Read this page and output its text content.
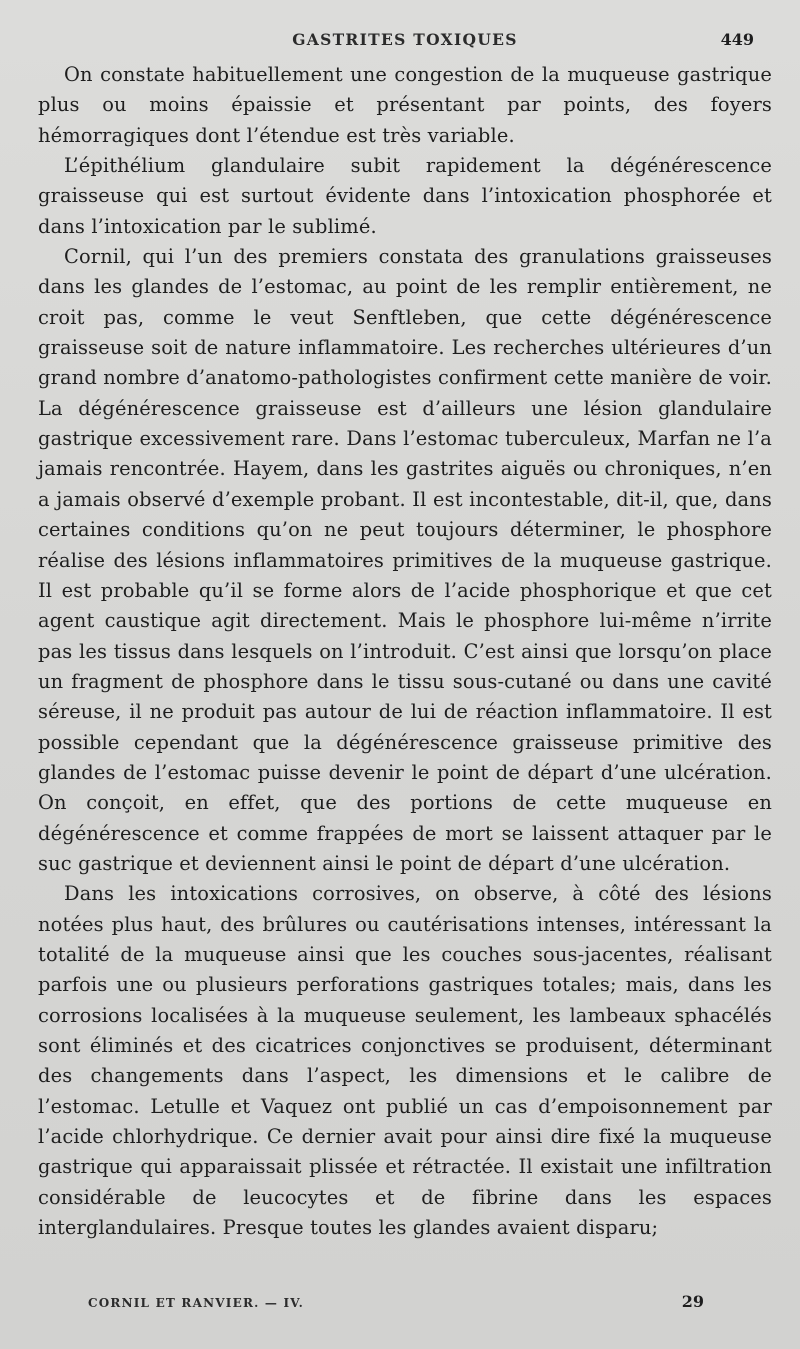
GASTRITES TOXIQUES	449

On constate habituellement une congestion de la muqueuse gastrique plus ou moins épaissie et présentant par points, des foyers hémorragiques dont l’étendue est très variable.

L’épithélium glandulaire subit rapidement la dégénérescence graisseuse qui est surtout évidente dans l’intoxication phosphorée et dans l’intoxication par le sublimé.

Cornil, qui l’un des premiers constata des granulations graisseuses dans les glandes de l’estomac, au point de les remplir entièrement, ne croit pas, comme le veut Senftleben, que cette dégénérescence graisseuse soit de nature inflammatoire. Les recherches ultérieures d’un grand nombre d’anatomo-pathologistes confirment cette manière de voir. La dégénérescence graisseuse est d’ailleurs une lésion glandulaire gastrique excessivement rare. Dans l’estomac tuberculeux, Marfan ne l’a jamais rencontrée. Hayem, dans les gastrites aiguës ou chroniques, n’en a jamais observé d’exemple probant. Il est incontestable, dit-il, que, dans certaines conditions qu’on ne peut toujours déterminer, le phosphore réalise des lésions inflammatoires primitives de la muqueuse gastrique. Il est probable qu’il se forme alors de l’acide phosphorique et que cet agent caustique agit directement. Mais le phosphore lui-même n’irrite pas les tissus dans lesquels on l’introduit. C’est ainsi que lorsqu’on place un fragment de phosphore dans le tissu sous-cutané ou dans une cavité séreuse, il ne produit pas autour de lui de réaction inflammatoire. Il est possible cependant que la dégénérescence graisseuse primitive des glandes de l’estomac puisse devenir le point de départ d’une ulcération. On conçoit, en effet, que des portions de cette muqueuse en dégénérescence et comme frappées de mort se laissent attaquer par le suc gastrique et deviennent ainsi le point de départ d’une ulcération.

Dans les intoxications corrosives, on observe, à côté des lésions notées plus haut, des brûlures ou cautérisations intenses, intéressant la totalité de la muqueuse ainsi que les couches sous-jacentes, réalisant parfois une ou plusieurs perforations gastriques totales; mais, dans les corrosions localisées à la muqueuse seulement, les lambeaux sphacélés sont éliminés et des cicatrices conjonctives se produisent, déterminant des changements dans l’aspect, les dimensions et le calibre de l’estomac. Letulle et Vaquez ont publié un cas d’empoisonnement par l’acide chlorhydrique. Ce dernier avait pour ainsi dire fixé la muqueuse gastrique qui apparaissait plissée et rétractée. Il existait une infiltration considérable de leucocytes et de fibrine dans les espaces interglandulaires. Presque toutes les glandes avaient disparu;

CORNIL ET RANVIER. — IV.	29
